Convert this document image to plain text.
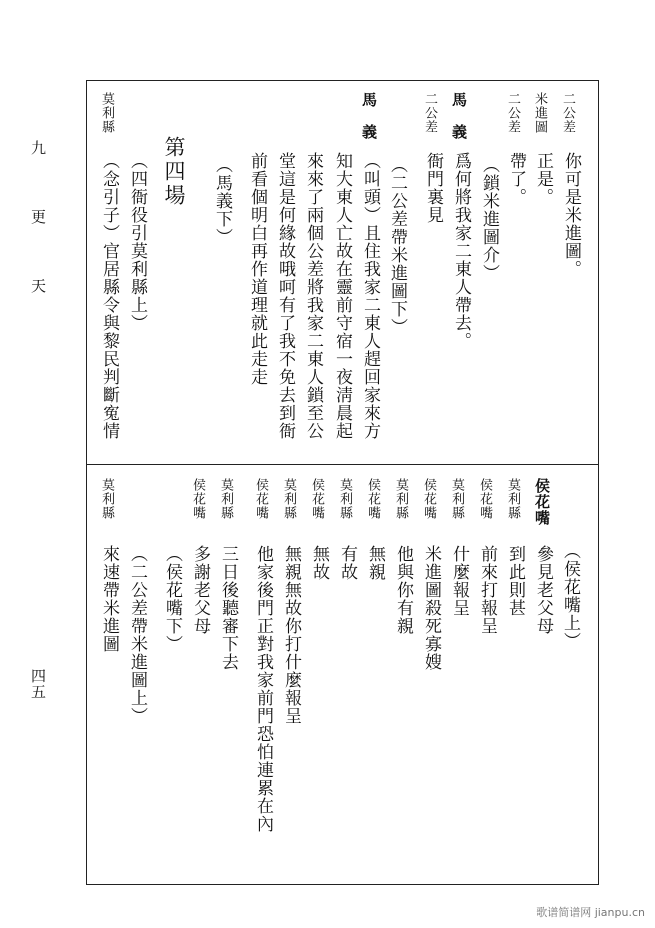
九 更 天
四五
二公差
你可是米進圖。
米進圖
正是。
二公差
帶了。
（鎖米進圖介）
馬　義
爲何將我家二東人帶去。
二公差
衙門裏見
（二公差帶米進圖下）
馬　義
（叫頭）且住我家二東人趕回家來方
知大東人亡故在靈前守宿一夜淸晨起
來來了兩個公差將我家二東人鎖至公
堂這是何緣故哦呵有了我不免去到衙
前看個明白再作道理就此走走
（馬義下）
第四場
（四衙役引莫利縣上）
莫利縣
（念引子）官居縣令與黎民判斷寃情
（侯花嘴上）
侯花嘴
參見老父母
莫利縣
到此則甚
侯花嘴
前來打報呈
莫利縣
什麼報呈
侯花嘴
米進圖殺死寡嫂
莫利縣
他與你有親
侯花嘴
無親
莫利縣
有故
侯花嘴
無故
莫利縣
無親無故你打什麼報呈
侯花嘴
他家後門正對我家前門恐怕連累在內
莫利縣
三日後聽審下去
侯花嘴
多謝老父母
（侯花嘴下）
（二公差帶米進圖上）
莫利縣
來速帶米進圖
歌谱简谱网 jianpu.cn
